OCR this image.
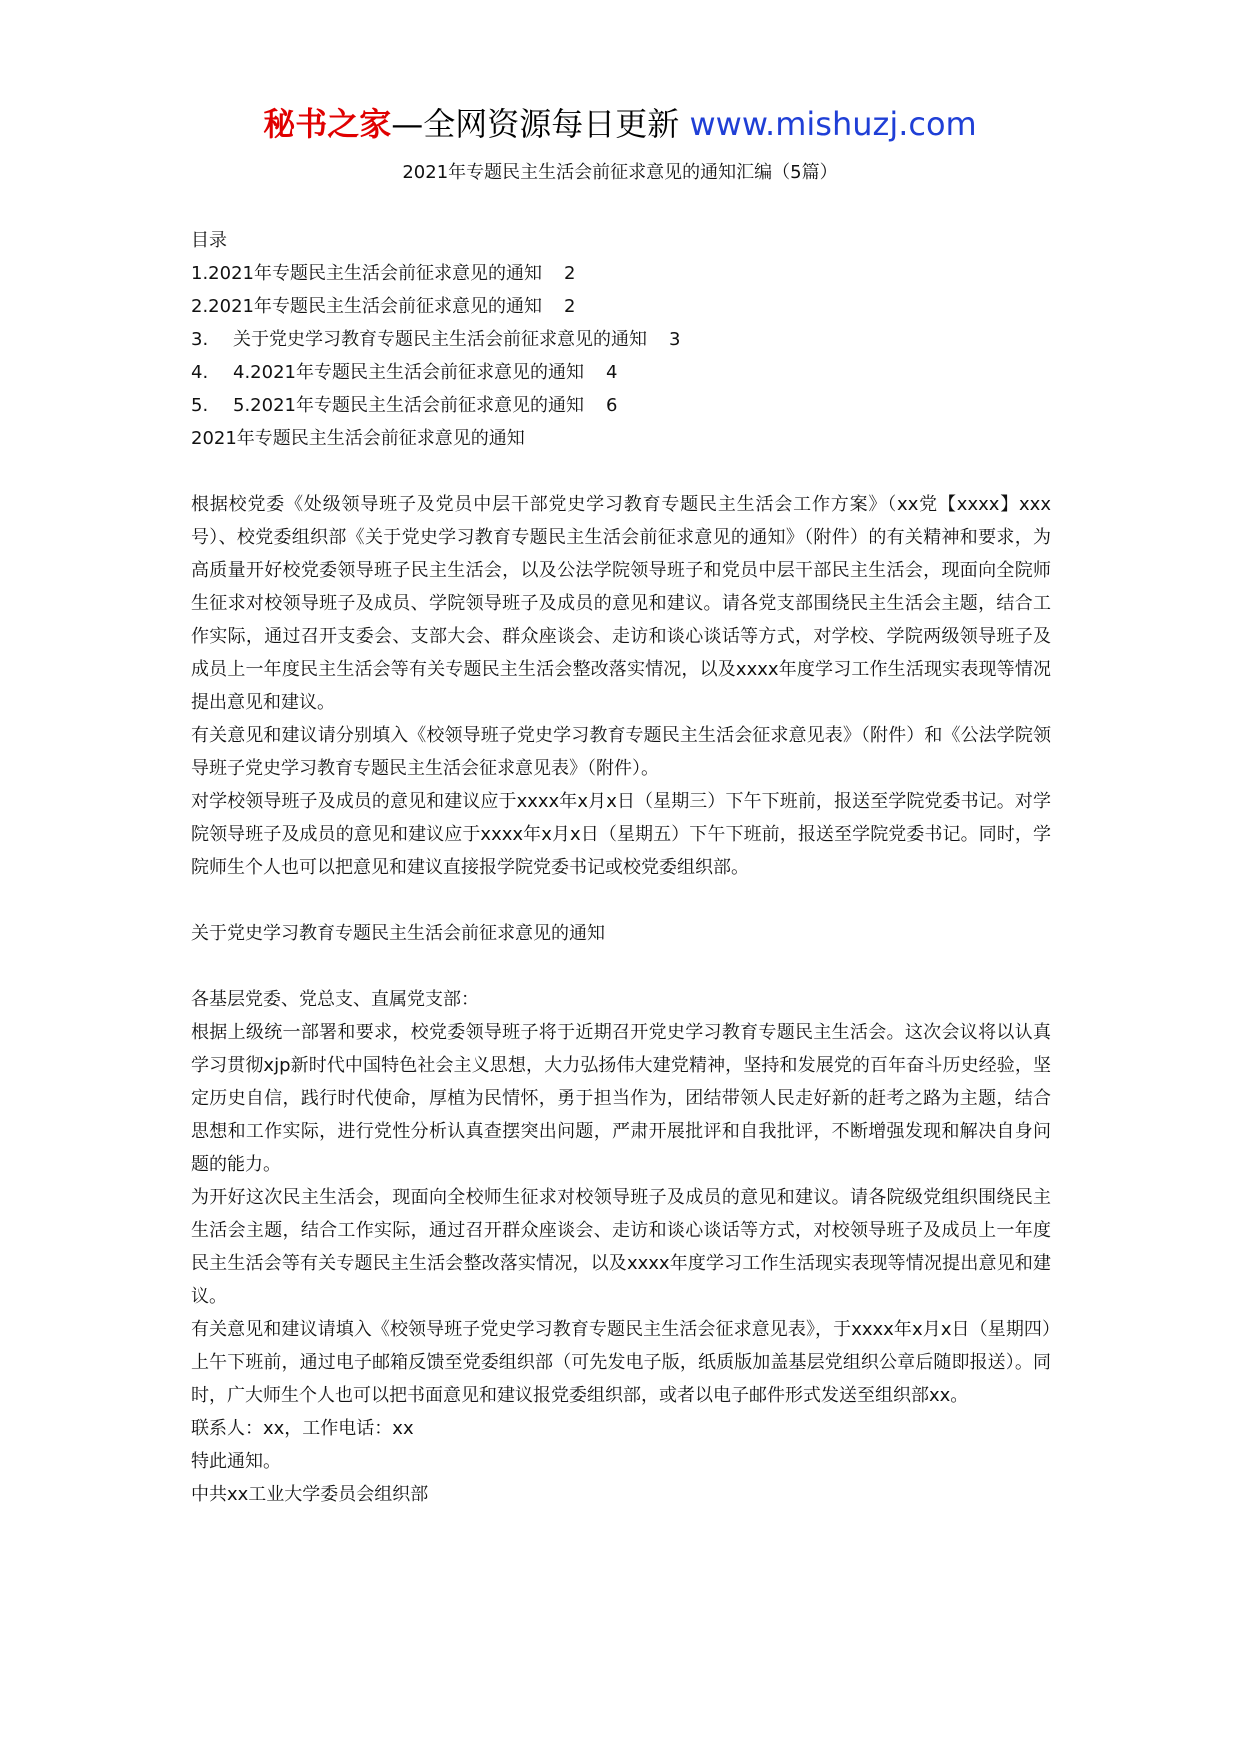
秘书之家—全网资源每日更新 www.mishuzj.com
2021年专题民主生活会前征求意见的通知汇编（5篇）
目录
1.2021年专题民主生活会前征求意见的通知 2
2.2021年专题民主生活会前征求意见的通知 2
3. 关于党史学习教育专题民主生活会前征求意见的通知 3
4. 4.2021年专题民主生活会前征求意见的通知 4
5. 5.2021年专题民主生活会前征求意见的通知 6
2021年专题民主生活会前征求意见的通知
根据校党委《处级领导班子及党员中层干部党史学习教育专题民主生活会工作方案》（xx党【xxxx】xxx号）、校党委组织部《关于党史学习教育专题民主生活会前征求意见的通知》（附件）的有关精神和要求，为高质量开好校党委领导班子民主生活会，以及公法学院领导班子和党员中层干部民主生活会，现面向全院师生征求对校领导班子及成员、学院领导班子及成员的意见和建议。请各党支部围绕民主生活会主题，结合工作实际，通过召开支委会、支部大会、群众座谈会、走访和谈心谈话等方式，对学校、学院两级领导班子及成员上一年度民主生活会等有关专题民主生活会整改落实情况，以及xxxx年度学习工作生活现实表现等情况提出意见和建议。
有关意见和建议请分别填入《校领导班子党史学习教育专题民主生活会征求意见表》（附件）和《公法学院领导班子党史学习教育专题民主生活会征求意见表》（附件）。
对学校领导班子及成员的意见和建议应于xxxx年x月x日（星期三）下午下班前，报送至学院党委书记。对学院领导班子及成员的意见和建议应于xxxx年x月x日（星期五）下午下班前，报送至学院党委书记。同时，学院师生个人也可以把意见和建议直接报学院党委书记或校党委组织部。
关于党史学习教育专题民主生活会前征求意见的通知
各基层党委、党总支、直属党支部：
根据上级统一部署和要求，校党委领导班子将于近期召开党史学习教育专题民主生活会。这次会议将以认真学习贯彻xjp新时代中国特色社会主义思想，大力弘扬伟大建党精神，坚持和发展党的百年奋斗历史经验，坚定历史自信，践行时代使命，厚植为民情怀，勇于担当作为，团结带领人民走好新的赶考之路为主题，结合思想和工作实际，进行党性分析认真查摆突出问题，严肃开展批评和自我批评，不断增强发现和解决自身问题的能力。
为开好这次民主生活会，现面向全校师生征求对校领导班子及成员的意见和建议。请各院级党组织围绕民主生活会主题，结合工作实际，通过召开群众座谈会、走访和谈心谈话等方式，对校领导班子及成员上一年度民主生活会等有关专题民主生活会整改落实情况，以及xxxx年度学习工作生活现实表现等情况提出意见和建议。
有关意见和建议请填入《校领导班子党史学习教育专题民主生活会征求意见表》，于xxxx年x月x日（星期四）上午下班前，通过电子邮箱反馈至党委组织部（可先发电子版，纸质版加盖基层党组织公章后随即报送）。同时，广大师生个人也可以把书面意见和建议报党委组织部，或者以电子邮件形式发送至组织部xx。
联系人：xx，工作电话：xx
特此通知。
中共xx工业大学委员会组织部
